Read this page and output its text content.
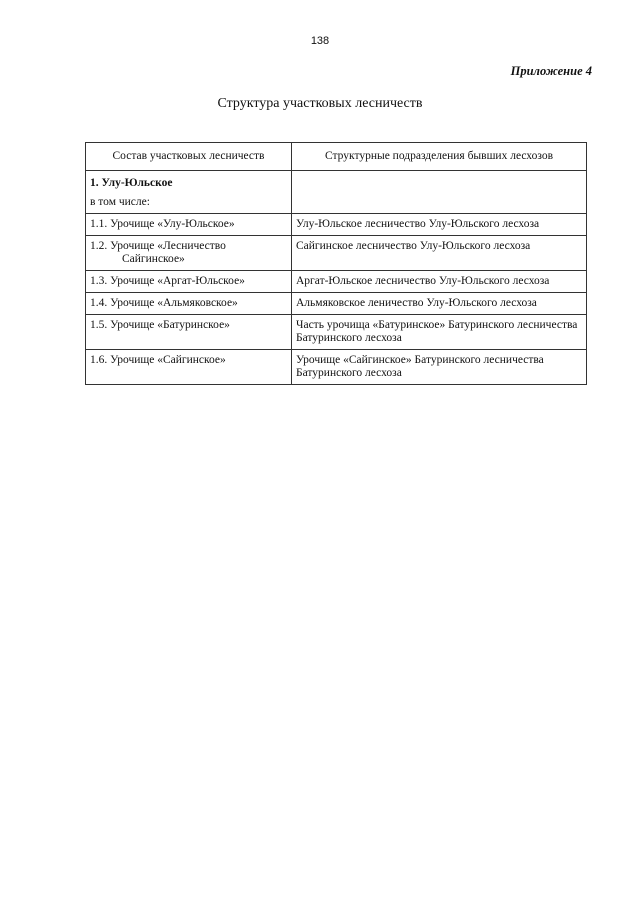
138
Приложение 4
Структура участковых лесничеств
Состав участковых лесничеств	Структурные подразделения бывших лесхозов

1. Улу-Юльское
в том числе:	

1.1. Урочище «Улу-Юльское»	Улу-Юльское лесничество Улу-Юльского лесхоза

1.2. Урочище «Лесничество Сайгинское»	Сайгинское лесничество Улу-Юльского лесхоза

1.3. Урочище «Аргат-Юльское»	Аргат-Юльское лесничество Улу-Юльского лесхоза

1.4. Урочище «Альмяковское»	Альмяковское леничество Улу-Юльского лесхоза

1.5. Урочище «Батуринское»	Часть урочища «Батуринское» Батуринского лесничества Батуринского лесхоза

1.6. Урочище «Сайгинское»	Урочище «Сайгинское» Батуринского лесничества Батуринского лесхоза
